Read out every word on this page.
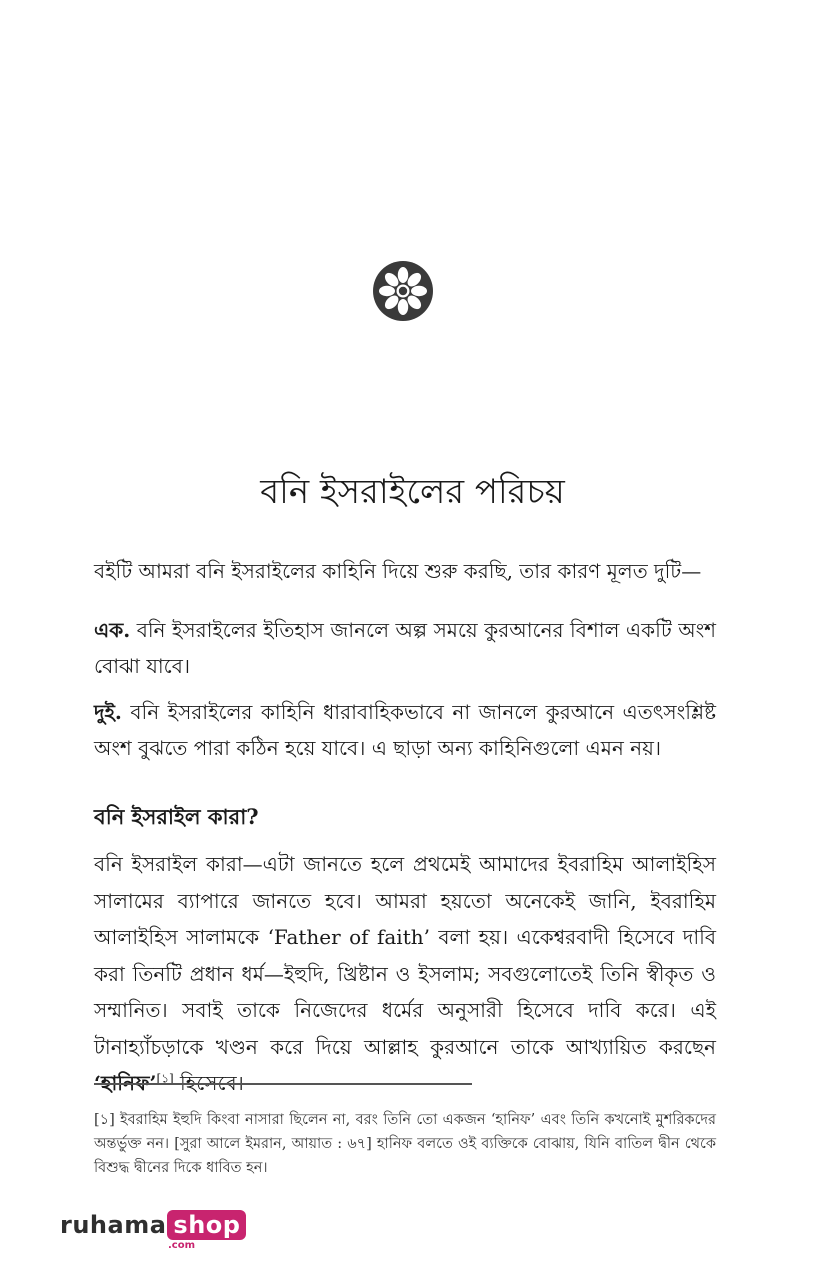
বনি ইসরাইলের পরিচয়

বইটি আমরা বনি ইসরাইলের কাহিনি দিয়ে শুরু করছি, তার কারণ মূলত দুটি—

এক. বনি ইসরাইলের ইতিহাস জানলে অল্প সময়ে কুরআনের বিশাল একটি অংশ বোঝা যাবে।

দুই. বনি ইসরাইলের কাহিনি ধারাবাহিকভাবে না জানলে কুরআনে এতৎসংশ্লিষ্ট অংশ বুঝতে পারা কঠিন হয়ে যাবে। এ ছাড়া অন্য কাহিনিগুলো এমন নয়।

বনি ইসরাইল কারা?

বনি ইসরাইল কারা—এটা জানতে হলে প্রথমেই আমাদের ইবরাহিম আলাইহিস সালামের ব্যাপারে জানতে হবে। আমরা হয়তো অনেকেই জানি, ইবরাহিম আলাইহিস সালামকে ‘Father of faith’ বলা হয়। একেশ্বরবাদী হিসেবে দাবি করা তিনটি প্রধান ধর্ম—ইহুদি, খ্রিষ্টান ও ইসলাম; সবগুলোতেই তিনি স্বীকৃত ও সম্মানিত। সবাই তাকে নিজেদের ধর্মের অনুসারী হিসেবে দাবি করে। এই টানাহ্যাঁচড়াকে খণ্ডন করে দিয়ে আল্লাহ কুরআনে তাকে আখ্যায়িত করছেন ‘হানিফ’[১] হিসেবে।

[১] ইবরাহিম ইহুদি কিংবা নাসারা ছিলেন না, বরং তিনি তো একজন ‘হানিফ’ এবং তিনি কখনোই মুশরিকদের অন্তর্ভুক্ত নন। [সুরা আলে ইমরান, আয়াত : ৬৭] হানিফ বলতে ওই ব্যক্তিকে বোঝায়, যিনি বাতিল দ্বীন থেকে বিশুদ্ধ দ্বীনের দিকে ধাবিত হন।

ruhama shop
.com
